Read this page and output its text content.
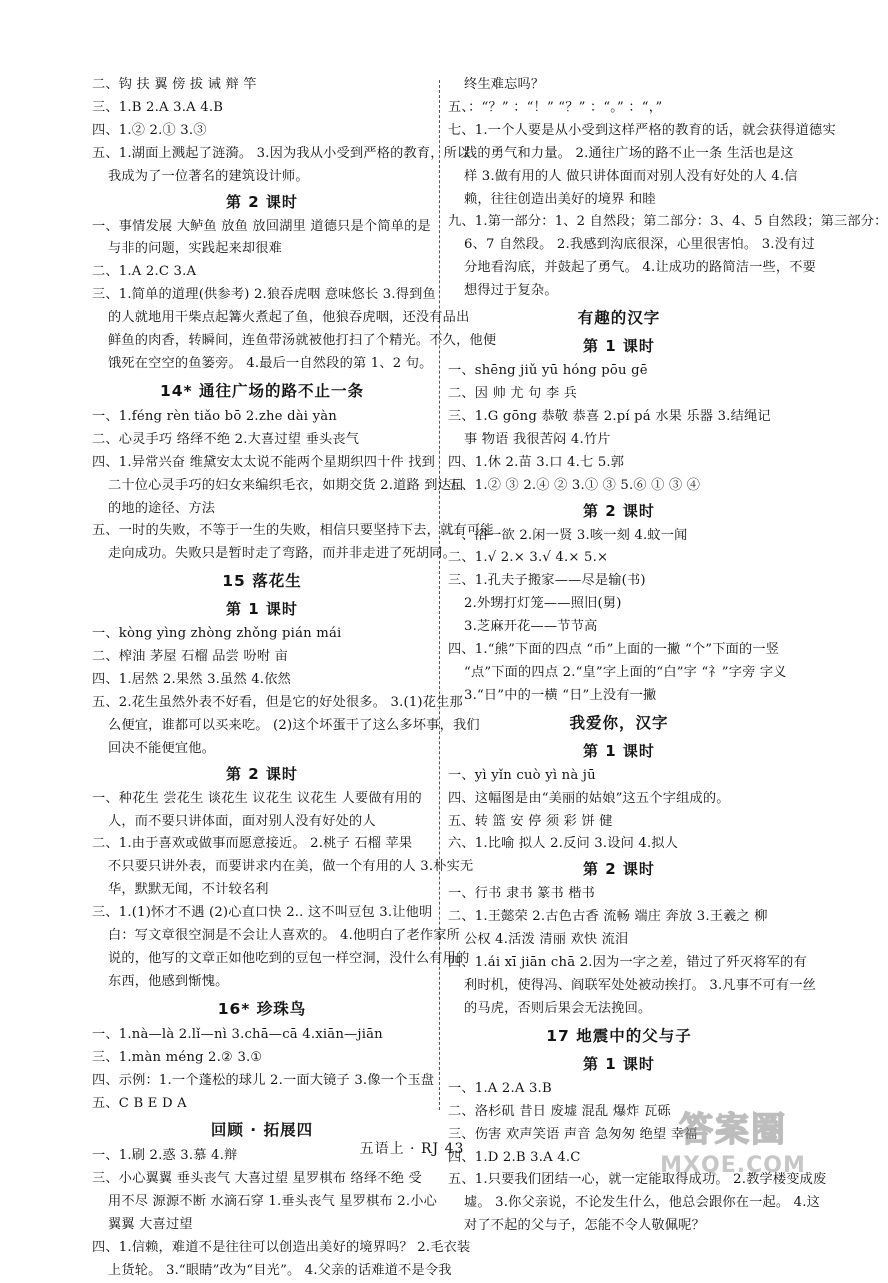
二、钩 扶 翼 傍 拔 诫 辩 竿
三、1.B 2.A 3.A 4.B
四、1.② 2.① 3.③
五、1.湖面上溅起了涟漪。 3.因为我从小受到严格的教育，所以
我成为了一位著名的建筑设计师。
第 2 课时
一、事情发展 大鲈鱼 放鱼 放回湖里 道德只是个简单的是
与非的问题，实践起来却很难
二、1.A 2.C 3.A
三、1.简单的道理(供参考) 2.狼吞虎咽 意味悠长 3.得到鱼
的人就地用干柴点起篝火煮起了鱼，他狼吞虎咽，还没有品出
鲜鱼的肉香，转瞬间，连鱼带汤就被他打扫了个精光。不久，他便
饿死在空空的鱼篓旁。 4.最后一自然段的第 1、2 句。
14* 通往广场的路不止一条
一、1.féng rèn tiǎo bō 2.zhe dài yàn
二、心灵手巧 络绎不绝 2.大喜过望 垂头丧气
四、1.异常兴奋 维黛安太太说不能两个星期织四十件 找到
二十位心灵手巧的妇女来编织毛衣，如期交货 2.道路 到达目
的地的途径、方法
五、一时的失败，不等于一生的失败，相信只要坚持下去，就有可能
走向成功。失败只是暂时走了弯路，而并非走进了死胡同。
15 落花生
第 1 课时
一、kòng yìng zhòng zhǒng pián mái
二、榨油 茅屋 石榴 品尝 吩咐 亩
四、1.居然 2.果然 3.虽然 4.依然
五、2.花生虽然外表不好看，但是它的好处很多。 3.(1)花生那
么便宜，谁都可以买来吃。 (2)这个坏蛋干了这么多坏事，我们
回决不能便宜他。
第 2 课时
一、种花生 尝花生 谈花生 议花生 议花生 人要做有用的
人，而不要只讲体面，面对别人没有好处的人
二、1.由于喜欢或做事而愿意接近。 2.桃子 石榴 苹果
不只要只讲外表，而要讲求内在美，做一个有用的人 3.朴实无
华，默默无闻，不计较名利
三、1.(1)怀才不遇 (2)心直口快 2.. 这不叫豆包 3.让他明
白：写文章很空洞是不会让人喜欢的。 4.他明白了老作家所
说的，他写的文章正如他吃到的豆包一样空洞，没什么有用的
东西，他感到惭愧。
16* 珍珠鸟
一、1.nà—là 2.lǐ—nì 3.chā—cā 4.xiān—jiān
三、1.màn méng 2.② 3.①
四、示例：1.一个蓬松的球儿 2.一面大镜子 3.像一个玉盘
五、C B E D A
回顾 · 拓展四
一、1.刷 2.惑 3.慕 4.辩
三、小心翼翼 垂头丧气 大喜过望 星罗棋布 络绎不绝 受
用不尽 源源不断 水滴石穿 1.垂头丧气 星罗棋布 2.小心
翼翼 大喜过望
四、1.信赖，难道不是往往可以创造出美好的境界吗？ 2.毛衣装
上货轮。 3.“眼睛”改为“目光”。 4.父亲的话难道不是令我
终生难忘吗？
五、：“？” ：“！” “？” ：“。” ：“，”
七、1.一个人要是从小受到这样严格的教育的话，就会获得道德实
践的勇气和力量。 2.通往广场的路不止一条 生活也是这
样 3.做有用的人 做只讲体面而对别人没有好处的人 4.信
赖，往往创造出美好的境界 和睦
九、1.第一部分：1、2 自然段；第二部分：3、4、5 自然段；第三部分：
6、7 自然段。 2.我感到沟底很深，心里很害怕。 3.没有过
分地看沟底，并鼓起了勇气。 4.让成功的路简洁一些，不要
想得过于复杂。
有趣的汉字
第 1 课时
一、shēng jiǔ yū hóng pōu gē
二、因 帅 尤 句 李 兵
三、1.G gōng 恭敬 恭喜 2.pí pá 水果 乐器 3.结绳记
事 物语 我很苦闷 4.竹片
四、1.休 2.苗 3.口 4.七 5.郭
五、1.② ③ 2.④ ② 3.① ③ 5.⑥ ① ③ ④
第 2 课时
一、浴一欲 2.闲一贤 3.咳一刻 4.蚊一闻
二、1.√ 2.× 3.√ 4.× 5.×
三、1.孔夫子搬家——尽是输(书)
2.外甥打灯笼——照旧(舅)
3.芝麻开花——节节高
四、1.“熊”下面的四点 “币”上面的一撇 “个”下面的一竖
“点”下面的四点 2.“皇”字上面的“白”字 “礻”字旁 字义
3.“日”中的一横 “日”上没有一撇
我爱你，汉字
第 1 课时
一、yì yǐn cuò yì nà jū
四、这幅图是由“美丽的姑娘”这五个字组成的。
五、转 篮 安 停 须 彩 饼 健
六、1.比喻 拟人 2.反问 3.设问 4.拟人
第 2 课时
一、行书 隶书 篆书 楷书
二、1.王懿荣 2.古色古香 流畅 端庄 奔放 3.王羲之 柳
公权 4.活泼 清丽 欢快 流泪
四、1.ái xī jiān chā 2.因为一字之差，错过了歼灭将军的有
利时机，使得冯、阎联军处处被动挨打。 3.凡事不可有一丝
的马虎，否则后果会无法挽回。
17 地震中的父与子
第 1 课时
一、1.A 2.A 3.B
二、洛杉矶 昔日 废墟 混乱 爆炸 瓦砾
三、伤害 欢声笑语 声音 急匆匆 绝望 幸福
四、1.D 2.B 3.A 4.C
五、1.只要我们团结一心，就一定能取得成功。 2.教学楼变成废
墟。 3.你父亲说，不论发生什么，他总会跟你在一起。 4.这
对了不起的父与子，怎能不令人敬佩呢？
五语上 · RJ 43	答案圈
MXQE.COM
